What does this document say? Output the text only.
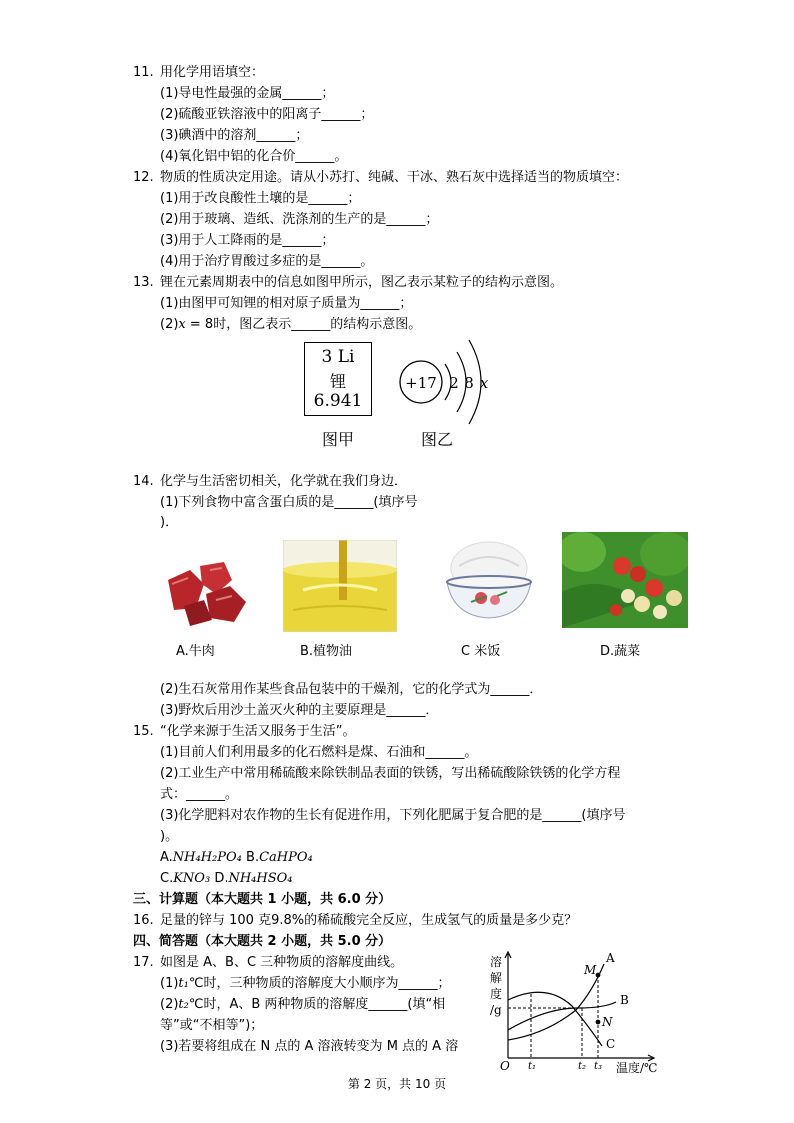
11. 用化学用语填空：
(1)导电性最强的金属______；
(2)硫酸亚铁溶液中的阳离子______；
(3)碘酒中的溶剂______；
(4)氧化铝中铝的化合价______。
12. 物质的性质决定用途。请从小苏打、纯碱、干冰、熟石灰中选择适当的物质填空：
(1)用于改良酸性土壤的是______；
(2)用于玻璃、造纸、洗涤剂的生产的是______；
(3)用于人工降雨的是______；
(4)用于治疗胃酸过多症的是______。
13. 锂在元素周期表中的信息如图甲所示，图乙表示某粒子的结构示意图。
(1)由图甲可知锂的相对原子质量为______；
(2)x = 8时，图乙表示______的结构示意图。
3 Li
锂
6.941
+17 2 8 x
图甲	图乙
14. 化学与生活密切相关，化学就在我们身边．
(1)下列食物中富含蛋白质的是______(填序号
)．
A.牛肉	B.植物油	C 米饭	D.蔬菜
(2)生石灰常用作某些食品包装中的干燥剂，它的化学式为______．
(3)野炊后用沙土盖灭火种的主要原理是______．
15. “化学来源于生活又服务于生活”。
(1)目前人们利用最多的化石燃料是煤、石油和______。
(2)工业生产中常用稀硫酸来除铁制品表面的铁锈，写出稀硫酸除铁锈的化学方程
式：______。
(3)化学肥料对农作物的生长有促进作用，下列化肥属于复合肥的是______(填序号
)。
A.NH₄H₂PO₄ B.CaHPO₄
C.KNO₃ D.NH₄HSO₄
三、计算题（本大题共 1 小题，共 6.0 分）
16. 足量的锌与 100 克9.8%的稀硫酸完全反应，生成氢气的质量是多少克？
四、简答题（本大题共 2 小题，共 5.0 分）
17. 如图是 A、B、C 三种物质的溶解度曲线。
(1)t₁℃时，三种物质的溶解度大小顺序为______；
(2)t₂℃时，A、B 两种物质的溶解度______(填“相
等”或“不相等”)；
(3)若要将组成在 N 点的 A 溶液转变为 M 点的 A 溶
溶
解
度
/g
O	温度/℃
M
N
A
B
C
t₁	t₂ t₃
第 2 页，共 10 页
